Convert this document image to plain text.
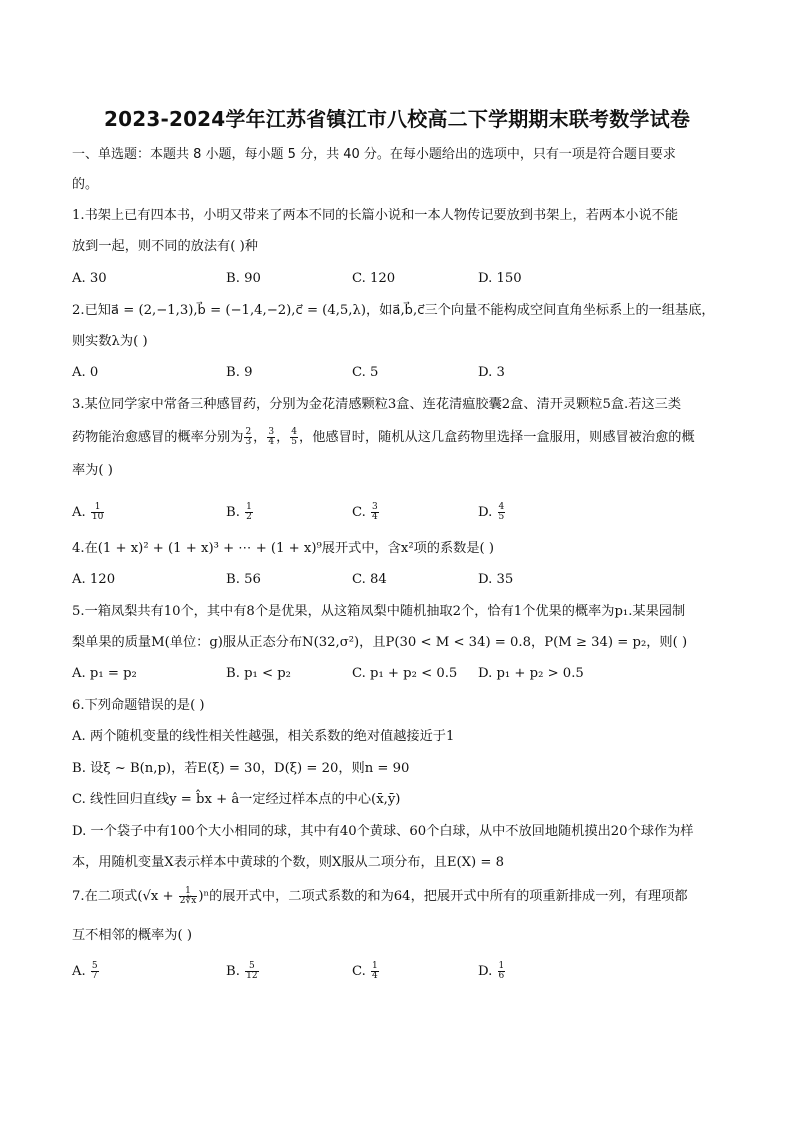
2023-2024学年江苏省镇江市八校高二下学期期末联考数学试卷
一、单选题：本题共 8 小题，每小题 5 分，共 40 分。在每小题给出的选项中，只有一项是符合题目要求
的。
1.书架上已有四本书，小明又带来了两本不同的长篇小说和一本人物传记要放到书架上，若两本小说不能
放到一起，则不同的放法有( )种
A. 30	B. 90	C. 120	D. 150
2.已知a⃗ = (2,−1,3),b⃗ = (−1,4,−2),c⃗ = (4,5,λ)，如a⃗,b⃗,c⃗三个向量不能构成空间直角坐标系上的一组基底，
则实数λ为( )
A. 0	B. 9	C. 5	D. 3
3.某位同学家中常备三种感冒药，分别为金花清感颗粒3盒、连花清瘟胶囊2盒、清开灵颗粒5盒.若这三类
药物能治愈感冒的概率分别为 $\frac{2}{3}$ ， $\frac{3}{4}$ ， $\frac{4}{5}$ ，他感冒时，随机从这几盒药物里选择一盒服用，则感冒被治愈的概
率为( )
A. $\frac{1}{10}$	B. $\frac{1}{2}$	C. $\frac{3}{4}$	D. $\frac{4}{5}$
4.在(1 + x)² + (1 + x)³ + ⋯ + (1 + x)⁹展开式中，含x²项的系数是( )
A. 120	B. 56	C. 84	D. 35
5.一箱凤梨共有10个，其中有8个是优果，从这箱凤梨中随机抽取2个，恰有1个优果的概率为p₁.某果园制
梨单果的质量M(单位：g)服从正态分布N(32,σ²)，且P(30 < M < 34) = 0.8，P(M ≥ 34) = p₂，则( )
A. p₁ = p₂	B. p₁ < p₂	C. p₁ + p₂ < 0.5 D. p₁ + p₂ > 0.5
6.下列命题错误的是( )
A. 两个随机变量的线性相关性越强，相关系数的绝对值越接近于1
B. 设ξ ~ B(n,p)，若E(ξ) = 30，D(ξ) = 20，则n = 90
C. 线性回归直线y = b̂x + â一定经过样本点的中心(x̄,ȳ)
D. 一个袋子中有100个大小相同的球，其中有40个黄球、60个白球，从中不放回地随机摸出20个球作为样
本，用随机变量X表示样本中黄球的个数，则X服从二项分布，且E(X) = 8
7.在二项式$(√x + \frac{1}{2∜x} )^n$的展开式中，二项式系数的和为64，把展开式中所有的项重新排成一列，有理项都
互不相邻的概率为( )
A. $\frac{5}{7}$	B. $\frac{5}{12}$	C. $\frac{1}{4}$	D. $\frac{1}{6}$
